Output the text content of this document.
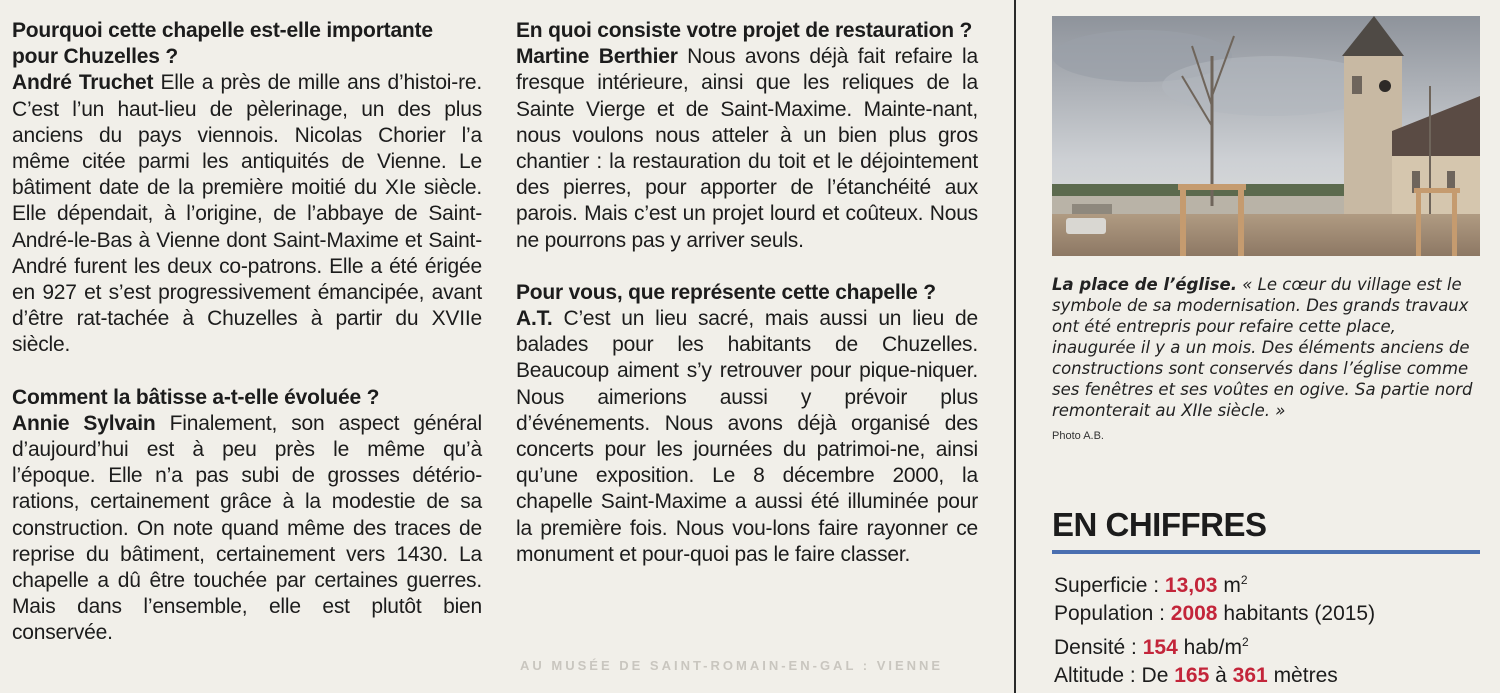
Pourquoi cette chapelle est-elle importante pour Chuzelles ?

André Truchet Elle a près de mille ans d’histoi-re. C’est l’un haut-lieu de pèlerinage, un des plus anciens du pays viennois. Nicolas Chorier l’a même citée parmi les antiquités de Vienne. Le bâtiment date de la première moitié du XIe siècle. Elle dépendait, à l’origine, de l’abbaye de Saint-André-le-Bas à Vienne dont Saint-Maxime et Saint-André furent les deux co-patrons. Elle a été érigée en 927 et s’est progressivement émancipée, avant d’être rat-tachée à Chuzelles à partir du XVIIe siècle.

Comment la bâtisse a-t-elle évoluée ?

Annie Sylvain Finalement, son aspect général d’aujourd’hui est à peu près le même qu’à l’époque. Elle n’a pas subi de grosses détério-rations, certainement grâce à la modestie de sa construction. On note quand même des traces de reprise du bâtiment, certainement vers 1430. La chapelle a dû être touchée par certaines guerres. Mais dans l’ensemble, elle est plutôt bien conservée.

En quoi consiste votre projet de restauration ?

Martine Berthier Nous avons déjà fait refaire la fresque intérieure, ainsi que les reliques de la Sainte Vierge et de Saint-Maxime. Mainte-nant, nous voulons nous atteler à un bien plus gros chantier : la restauration du toit et le déjointement des pierres, pour apporter de l’étanchéité aux parois. Mais c’est un projet lourd et coûteux. Nous ne pourrons pas y arriver seuls.

Pour vous, que représente cette chapelle ?

A.T. C’est un lieu sacré, mais aussi un lieu de balades pour les habitants de Chuzelles. Beaucoup aiment s’y retrouver pour pique-niquer. Nous aimerions aussi y prévoir plus d’événements. Nous avons déjà organisé des concerts pour les journées du patrimoi-ne, ainsi qu’une exposition. Le 8 décembre 2000, la chapelle Saint-Maxime a aussi été illuminée pour la première fois. Nous vou-lons faire rayonner ce monument et pour-quoi pas le faire classer.

AU MUSÉE DE SAINT-ROMAIN-EN-GAL : VIENNE
La place de l’église. « Le cœur du village est le symbole de sa modernisation. Des grands travaux ont été entrepris pour refaire cette place, inaugurée il y a un mois. Des éléments anciens de constructions sont conservés dans l’église comme ses fenêtres et ses voûtes en ogive. Sa partie nord remonterait au XIIe siècle. »
Photo A.B.
EN CHIFFRES
Superficie : 13,03 $m^2$
Population : 2008 habitants (2015)
Densité : 154 hab/$m^2$
Altitude : De 165 à 361 mètres
